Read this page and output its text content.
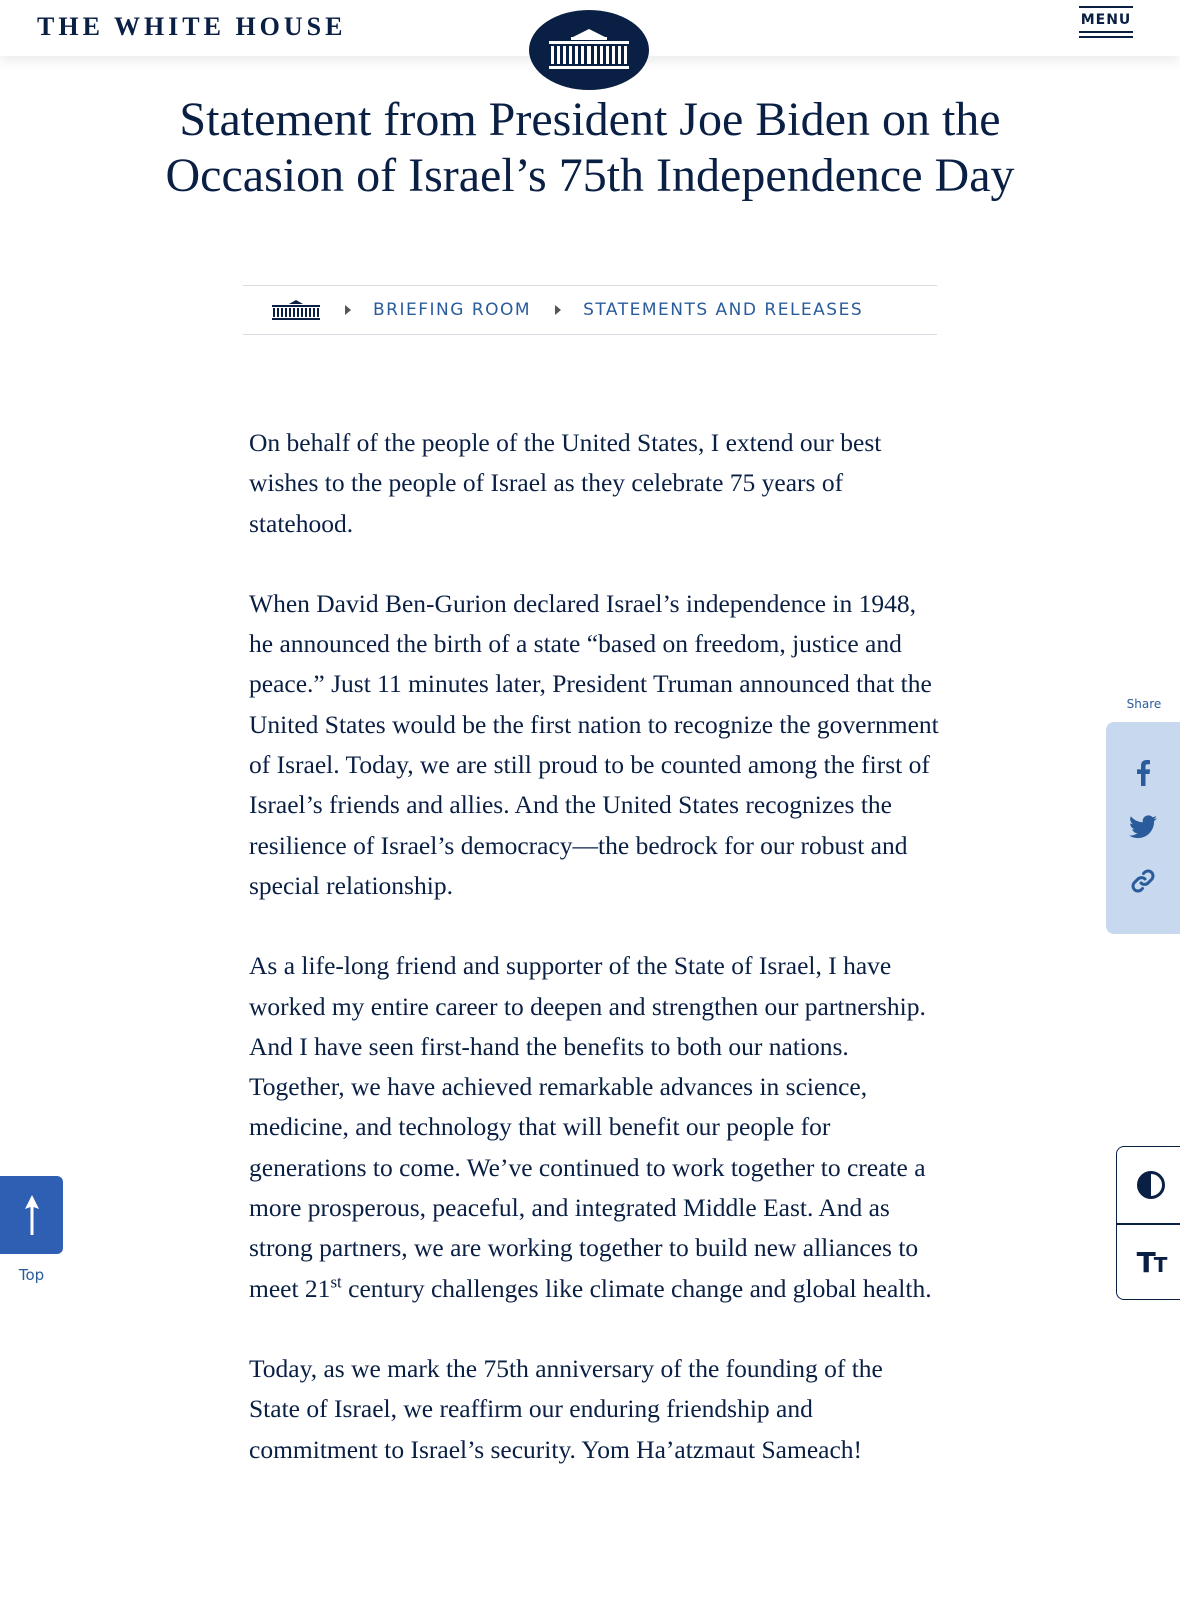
THE WHITE HOUSE	MENU
Statement from President Joe Biden on the Occasion of Israel’s 75th Independence Day
BRIEFING ROOM	STATEMENTS AND RELEASES

On behalf of the people of the United States, I extend our best wishes to the people of Israel as they celebrate 75 years of statehood.

When David Ben-Gurion declared Israel’s independence in 1948, he announced the birth of a state “based on freedom, justice and peace.” Just 11 minutes later, President Truman announced that the United States would be the first nation to recognize the government of Israel. Today, we are still proud to be counted among the first of Israel’s friends and allies. And the United States recognizes the resilience of Israel’s democracy—the bedrock for our robust and special relationship.

As a life-long friend and supporter of the State of Israel, I have worked my entire career to deepen and strengthen our partnership. And I have seen first-hand the benefits to both our nations. Together, we have achieved remarkable advances in science, medicine, and technology that will benefit our people for generations to come. We’ve continued to work together to create a more prosperous, peaceful, and integrated Middle East. And as strong partners, we are working together to build new alliances to meet 21st century challenges like climate change and global health.

Today, as we mark the 75th anniversary of the founding of the State of Israel, we reaffirm our enduring friendship and commitment to Israel’s security. Yom Ha’atzmaut Sameach!

Share
TT
Top
